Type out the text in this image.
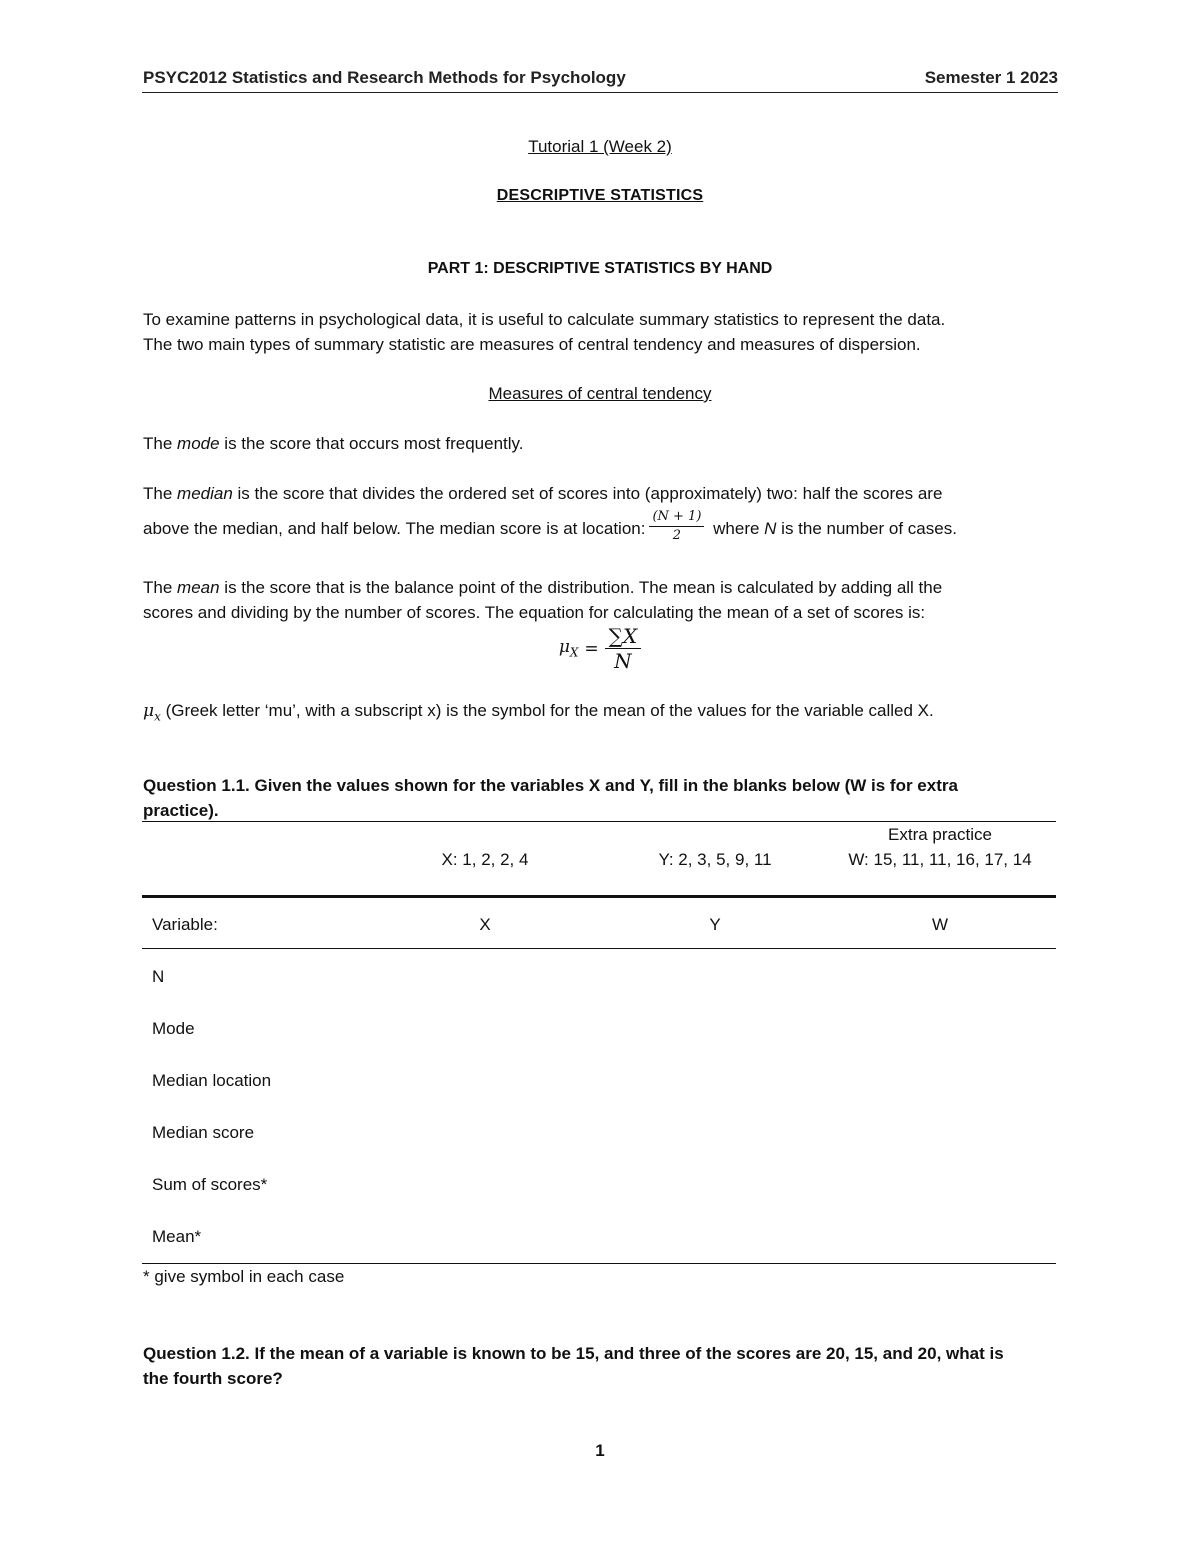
PSYC2012 Statistics and Research Methods for Psychology	Semester 1 2023
Tutorial 1 (Week 2)
DESCRIPTIVE STATISTICS
PART 1: DESCRIPTIVE STATISTICS BY HAND
To examine patterns in psychological data, it is useful to calculate summary statistics to represent the data.
The two main types of summary statistic are measures of central tendency and measures of dispersion.
Measures of central tendency
The mode is the score that occurs most frequently.
The median is the score that divides the ordered set of scores into (approximately) two: half the scores are
above the median, and half below. The median score is at location: $\frac{(N + 1)}{2}$ where N is the number of cases.
The mean is the score that is the balance point of the distribution. The mean is calculated by adding all the
scores and dividing by the number of scores. The equation for calculating the mean of a set of scores is:
$\mu_X = \frac{\sum X}{N}$
$\mu_x$ (Greek letter ‘mu’, with a subscript x) is the symbol for the mean of the values for the variable called X.
Question 1.1. Given the values shown for the variables X and Y, fill in the blanks below (W is for extra
practice).
Extra practice
X: 1, 2, 2, 4	Y: 2, 3, 5, 9, 11	W: 15, 11, 11, 16, 17, 14
Variable:	X	Y	W
N
Mode
Median location
Median score
Sum of scores*
Mean*
* give symbol in each case
Question 1.2. If the mean of a variable is known to be 15, and three of the scores are 20, 15, and 20, what is
the fourth score?
1
